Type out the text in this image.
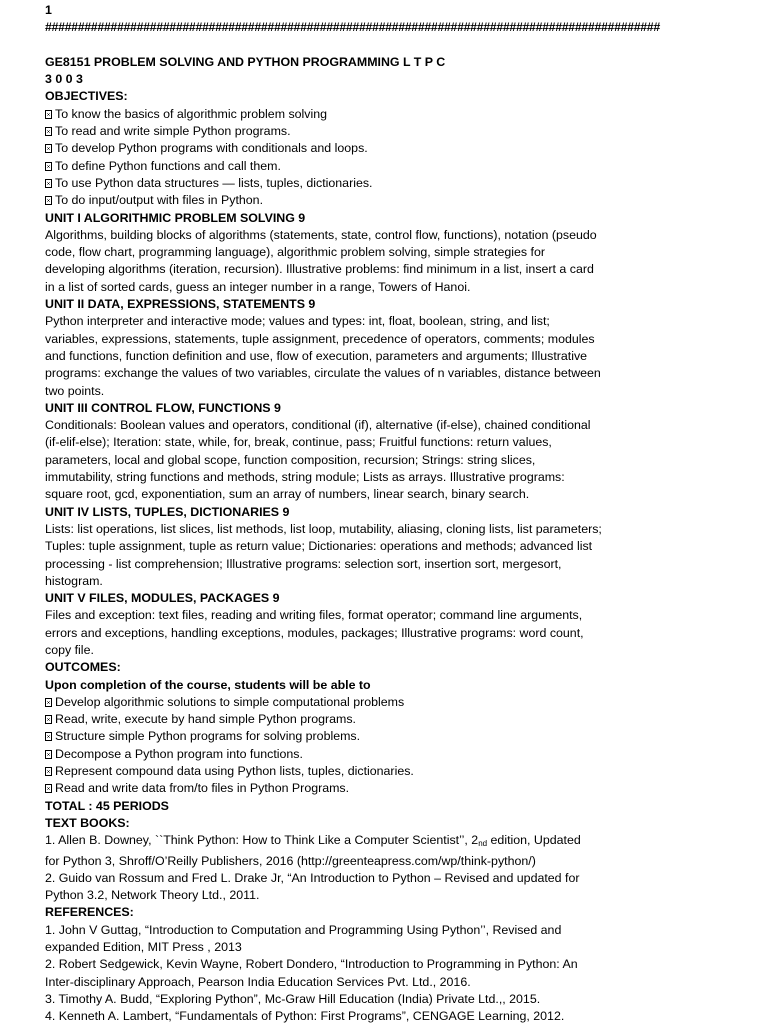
1
##############################################################################################

GE8151 PROBLEM SOLVING AND PYTHON PROGRAMMING L T P C
3 0 0 3
OBJECTIVES:
To know the basics of algorithmic problem solving
To read and write simple Python programs.
To develop Python programs with conditionals and loops.
To define Python functions and call them.
To use Python data structures — lists, tuples, dictionaries.
To do input/output with files in Python.
UNIT I ALGORITHMIC PROBLEM SOLVING 9
Algorithms, building blocks of algorithms (statements, state, control flow, functions), notation (pseudo
code, flow chart, programming language), algorithmic problem solving, simple strategies for
developing algorithms (iteration, recursion). Illustrative problems: find minimum in a list, insert a card
in a list of sorted cards, guess an integer number in a range, Towers of Hanoi.
UNIT II DATA, EXPRESSIONS, STATEMENTS 9
Python interpreter and interactive mode; values and types: int, float, boolean, string, and list;
variables, expressions, statements, tuple assignment, precedence of operators, comments; modules
and functions, function definition and use, flow of execution, parameters and arguments; Illustrative
programs: exchange the values of two variables, circulate the values of n variables, distance between
two points.
UNIT III CONTROL FLOW, FUNCTIONS 9
Conditionals: Boolean values and operators, conditional (if), alternative (if-else), chained conditional
(if-elif-else); Iteration: state, while, for, break, continue, pass; Fruitful functions: return values,
parameters, local and global scope, function composition, recursion; Strings: string slices,
immutability, string functions and methods, string module; Lists as arrays. Illustrative programs:
square root, gcd, exponentiation, sum an array of numbers, linear search, binary search.
UNIT IV LISTS, TUPLES, DICTIONARIES 9
Lists: list operations, list slices, list methods, list loop, mutability, aliasing, cloning lists, list parameters;
Tuples: tuple assignment, tuple as return value; Dictionaries: operations and methods; advanced list
processing - list comprehension; Illustrative programs: selection sort, insertion sort, mergesort,
histogram.
UNIT V FILES, MODULES, PACKAGES 9
Files and exception: text files, reading and writing files, format operator; command line arguments,
errors and exceptions, handling exceptions, modules, packages; Illustrative programs: word count,
copy file.
OUTCOMES:
Upon completion of the course, students will be able to
Develop algorithmic solutions to simple computational problems
Read, write, execute by hand simple Python programs.
Structure simple Python programs for solving problems.
Decompose a Python program into functions.
Represent compound data using Python lists, tuples, dictionaries.
Read and write data from/to files in Python Programs.
TOTAL : 45 PERIODS
TEXT BOOKS:
1. Allen B. Downey, ``Think Python: How to Think Like a Computer Scientist’’, $2_{nd}$ edition, Updated
for Python 3, Shroff/O’Reilly Publishers, 2016 (http://greenteapress.com/wp/think-python/)
2. Guido van Rossum and Fred L. Drake Jr, “An Introduction to Python – Revised and updated for
Python 3.2, Network Theory Ltd., 2011.
REFERENCES:
1. John V Guttag, “Introduction to Computation and Programming Using Python’’, Revised and
expanded Edition, MIT Press , 2013
2. Robert Sedgewick, Kevin Wayne, Robert Dondero, “Introduction to Programming in Python: An
Inter-disciplinary Approach, Pearson India Education Services Pvt. Ltd., 2016.
3. Timothy A. Budd, “Exploring Python”, Mc-Graw Hill Education (India) Private Ltd.,, 2015.
4. Kenneth A. Lambert, “Fundamentals of Python: First Programs”, CENGAGE Learning, 2012.
